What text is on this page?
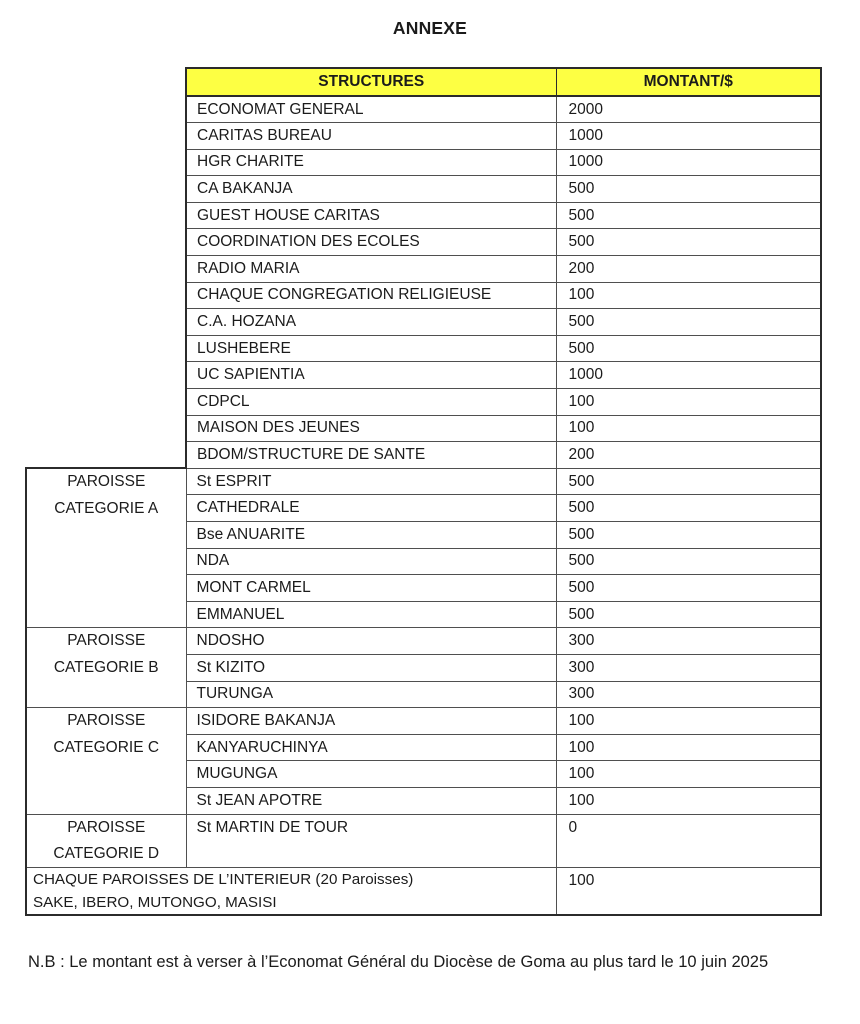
ANNEXE
	STRUCTURES	MONTANT/$
	ECONOMAT GENERAL	2000
	CARITAS BUREAU	1000
	HGR CHARITE	1000
	CA BAKANJA	500
	GUEST HOUSE CARITAS	500
	COORDINATION DES ECOLES	500
	RADIO MARIA	200
	CHAQUE CONGREGATION RELIGIEUSE	100
	C.A. HOZANA	500
	LUSHEBERE	500
	UC SAPIENTIA	1000
	CDPCL	100
	MAISON DES JEUNES	100
	BDOM/STRUCTURE DE SANTE	200

PAROISSE
CATEGORIE A	St ESPRIT	500
	CATHEDRALE	500
	Bse ANUARITE	500
	NDA	500
	MONT CARMEL	500
	EMMANUEL	500

PAROISSE
CATEGORIE B	NDOSHO	300
	St KIZITO	300
	TURUNGA	300

PAROISSE
CATEGORIE C	ISIDORE BAKANJA	100
	KANYARUCHINYA	100
	MUGUNGA	100
	St JEAN APOTRE	100

PAROISSE
CATEGORIE D	St MARTIN DE TOUR	0

CHAQUE PAROISSES DE L’INTERIEUR (20 Paroisses)
SAKE, IBERO, MUTONGO, MASISI		100
N.B : Le montant est à verser à l’Economat Général du Diocèse de Goma au plus tard le 10 juin 2025
